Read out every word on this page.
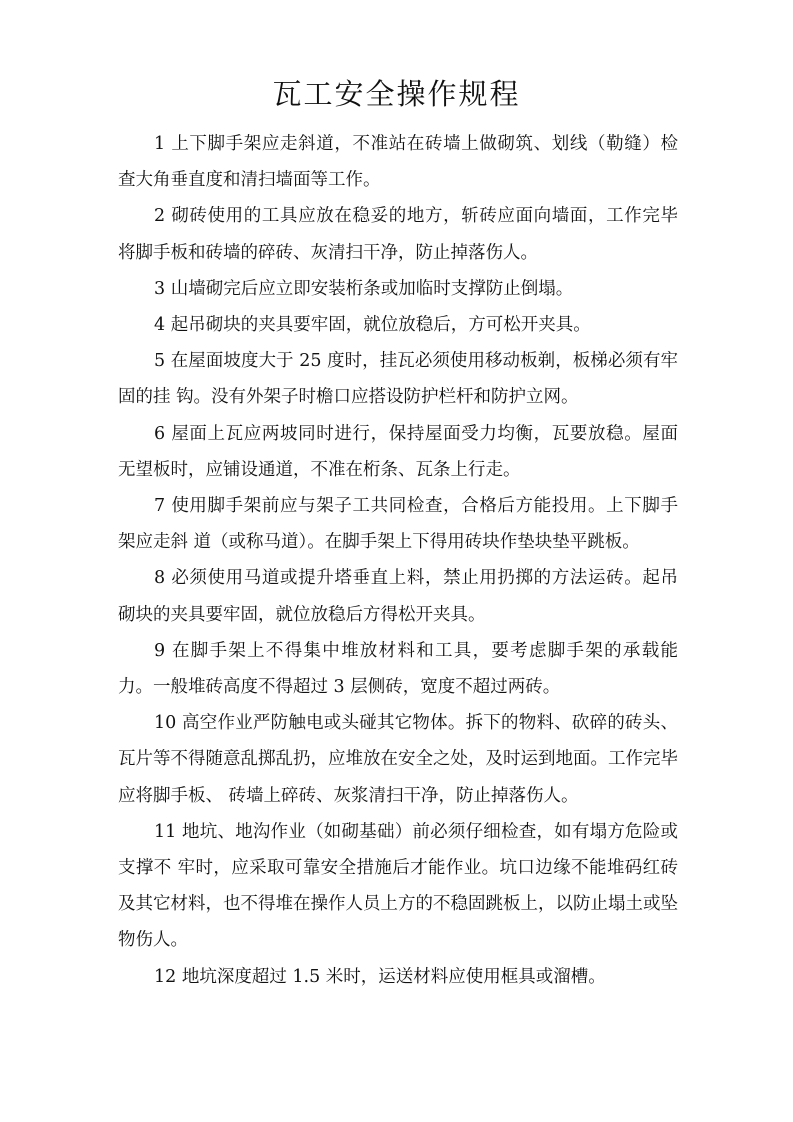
瓦工安全操作规程

1 上下脚手架应走斜道，不准站在砖墙上做砌筑、划线（勒缝）检查大角垂直度和清扫墙面等工作。

2 砌砖使用的工具应放在稳妥的地方，斩砖应面向墙面，工作完毕将脚手板和砖墙的碎砖、灰清扫干净，防止掉落伤人。

3 山墙砌完后应立即安装桁条或加临时支撑防止倒塌。

4 起吊砌块的夹具要牢固，就位放稳后，方可松开夹具。

5 在屋面坡度大于 25 度时，挂瓦必须使用移动板剃，板梯必须有牢固的挂 钩。没有外架子时檐口应搭设防护栏杆和防护立网。

6 屋面上瓦应两坡同时进行，保持屋面受力均衡，瓦要放稳。屋面无望板时，应铺设通道，不准在桁条、瓦条上行走。

7 使用脚手架前应与架子工共同检查，合格后方能投用。上下脚手架应走斜 道（或称马道）。在脚手架上下得用砖块作垫块垫平跳板。

8 必须使用马道或提升塔垂直上料，禁止用扔掷的方法运砖。起吊砌块的夹具要牢固，就位放稳后方得松开夹具。

9 在脚手架上不得集中堆放材料和工具，要考虑脚手架的承载能力。一般堆砖高度不得超过 3 层侧砖，宽度不超过两砖。

10 高空作业严防触电或头碰其它物体。拆下的物料、砍碎的砖头、瓦片等不得随意乱掷乱扔，应堆放在安全之处，及时运到地面。工作完毕应将脚手板、 砖墙上碎砖、灰浆清扫干净，防止掉落伤人。

11 地坑、地沟作业（如砌基础）前必须仔细检查，如有塌方危险或支撑不 牢时，应采取可靠安全措施后才能作业。坑口边缘不能堆码红砖及其它材料，也不得堆在操作人员上方的不稳固跳板上，以防止塌土或坠物伤人。

12 地坑深度超过 1.5 米时，运送材料应使用框具或溜槽。
